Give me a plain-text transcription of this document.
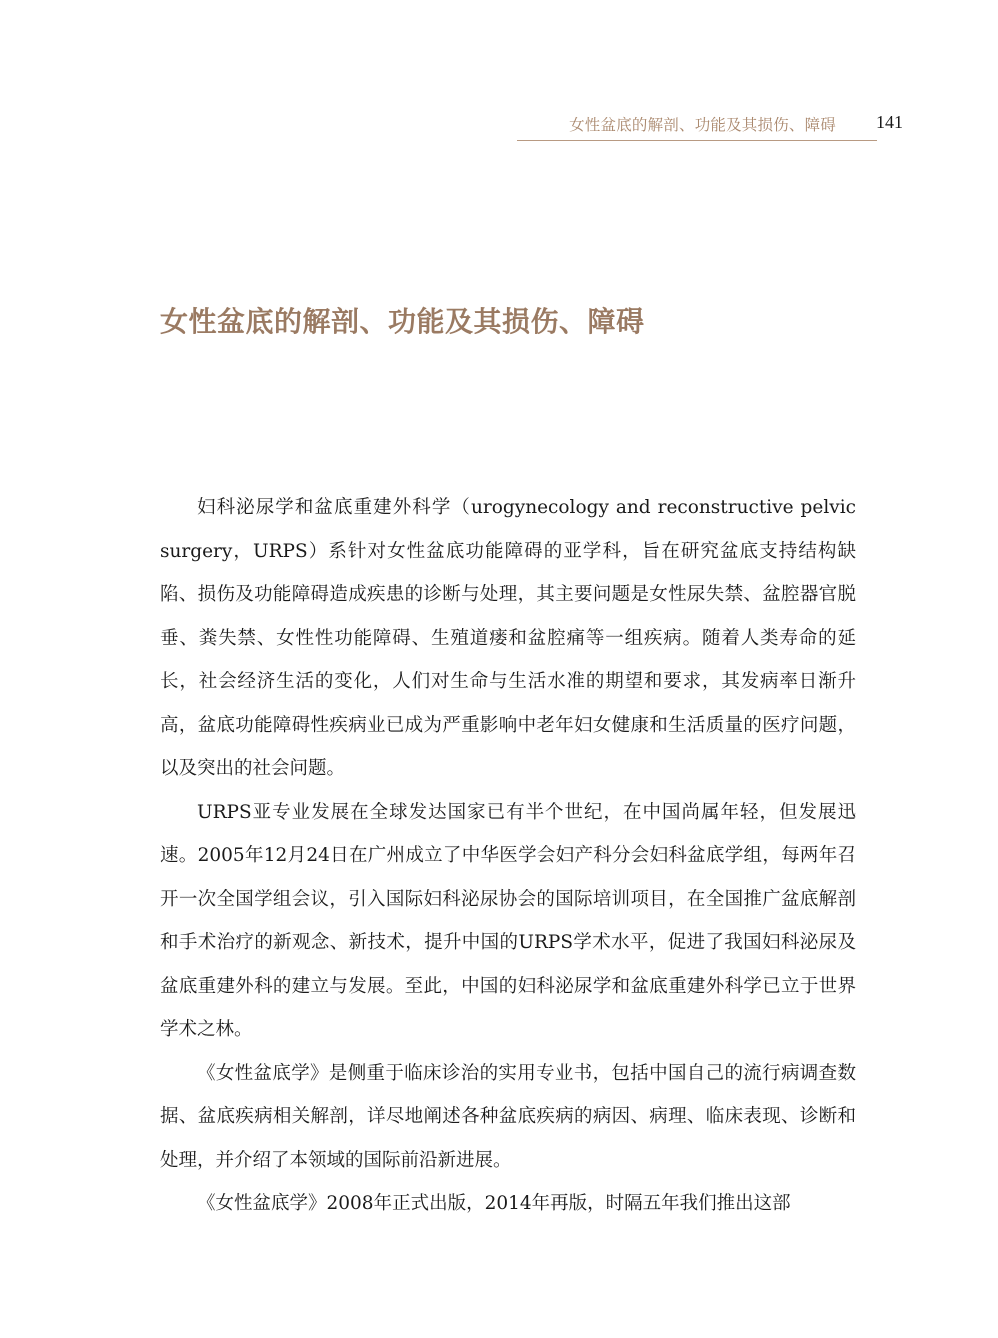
女性盆底的解剖、功能及其损伤、障碍 141
女性盆底的解剖、功能及其损伤、障碍

妇科泌尿学和盆底重建外科学（urogynecology and reconstructive pelvic surgery，URPS）系针对女性盆底功能障碍的亚学科，旨在研究盆底支持结构缺陷、损伤及功能障碍造成疾患的诊断与处理，其主要问题是女性尿失禁、盆腔器官脱垂、粪失禁、女性性功能障碍、生殖道瘘和盆腔痛等一组疾病。随着人类寿命的延长，社会经济生活的变化，人们对生命与生活水准的期望和要求，其发病率日渐升高，盆底功能障碍性疾病业已成为严重影响中老年妇女健康和生活质量的医疗问题，以及突出的社会问题。

URPS亚专业发展在全球发达国家已有半个世纪，在中国尚属年轻，但发展迅速。2005年12月24日在广州成立了中华医学会妇产科分会妇科盆底学组，每两年召开一次全国学组会议，引入国际妇科泌尿协会的国际培训项目，在全国推广盆底解剖和手术治疗的新观念、新技术，提升中国的URPS学术水平，促进了我国妇科泌尿及盆底重建外科的建立与发展。至此，中国的妇科泌尿学和盆底重建外科学已立于世界学术之林。

《女性盆底学》是侧重于临床诊治的实用专业书，包括中国自己的流行病调查数据、盆底疾病相关解剖，详尽地阐述各种盆底疾病的病因、病理、临床表现、诊断和处理，并介绍了本领域的国际前沿新进展。

《女性盆底学》2008年正式出版，2014年再版，时隔五年我们推出这部
